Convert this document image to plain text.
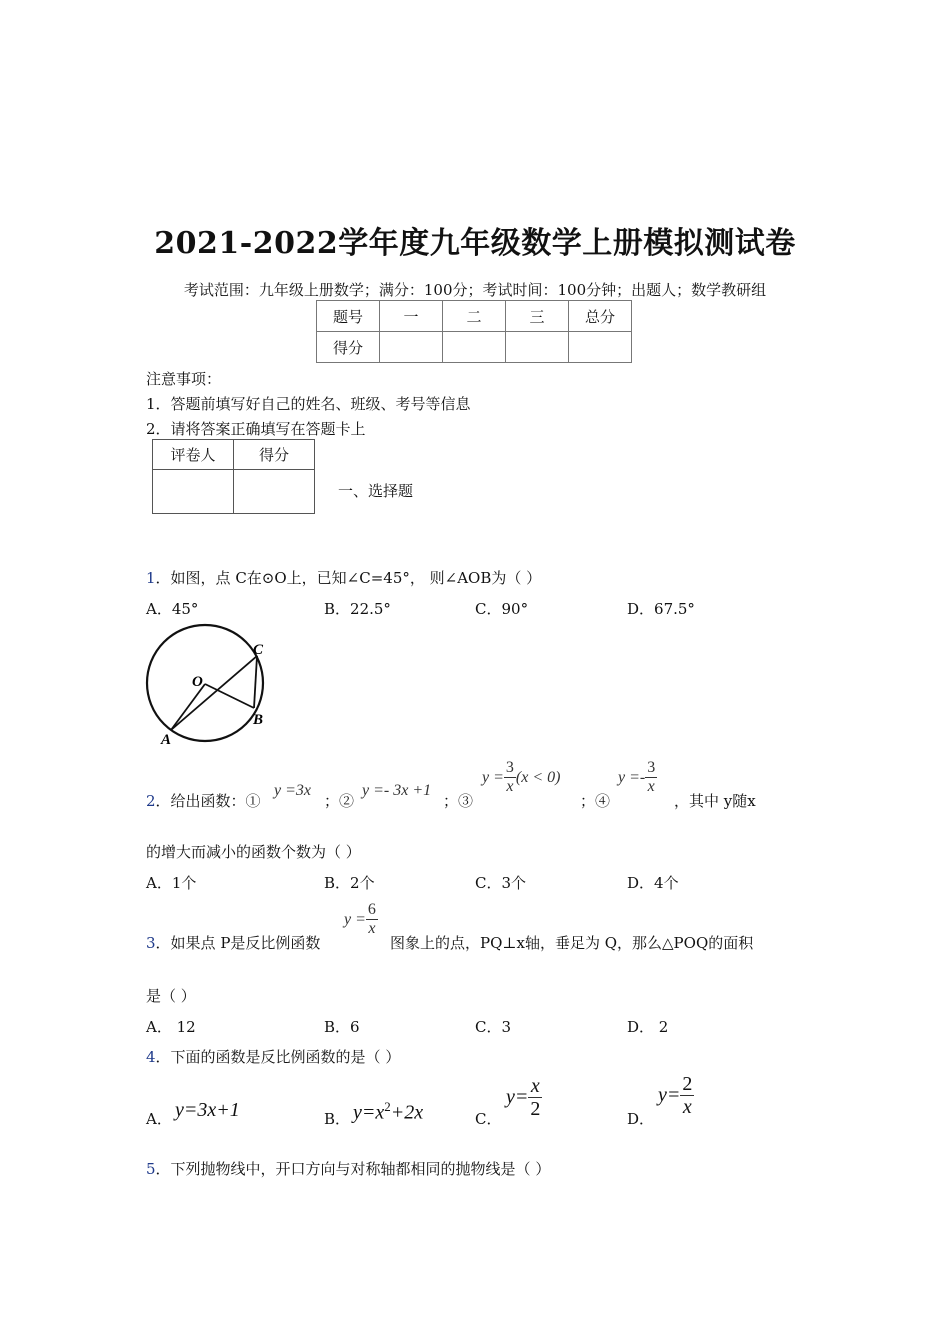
2021-2022学年度九年级数学上册模拟测试卷
考试范围：九年级上册数学；满分：100分；考试时间：100分钟；出题人；数学教研组
题号	一	二	三	总分
得分				
注意事项：
1．答题前填写好自己的姓名、班级、考号等信息
2．请将答案正确填写在答题卡上
评卷人	得分

一、选择题
1．如图，点 C在⊙O上，已知∠C=45°， 则∠AOB为（ ）
A．45°	B．22.5°	C．90°	D．67.5°
O
A
B
C
2．给出函数：①
y =3x
；②
y =- 3x +1
；③
$y = \frac{3}{x} (x < 0)$
；④
$y =- \frac{3}{x}$
，其中 y随x
的增大而减小的函数个数为（ ）
A．1个	B．2个	C．3个	D．4个
3．如果点 P是反比例函数
$y = \frac{6}{x}$
图象上的点，PQ⊥x轴，垂足为 Q，那么△POQ的面积
是（ ）
A． 12	B．6	C．3	D． 2
4．下面的函数是反比例函数的是（ ）
A． y=3x+1	B． $y=x^2+2x$	C．
$y= \frac{x}{2}$	D．
$y= \frac{2}{x}$
5．下列抛物线中，开口方向与对称轴都相同的抛物线是（ ）
